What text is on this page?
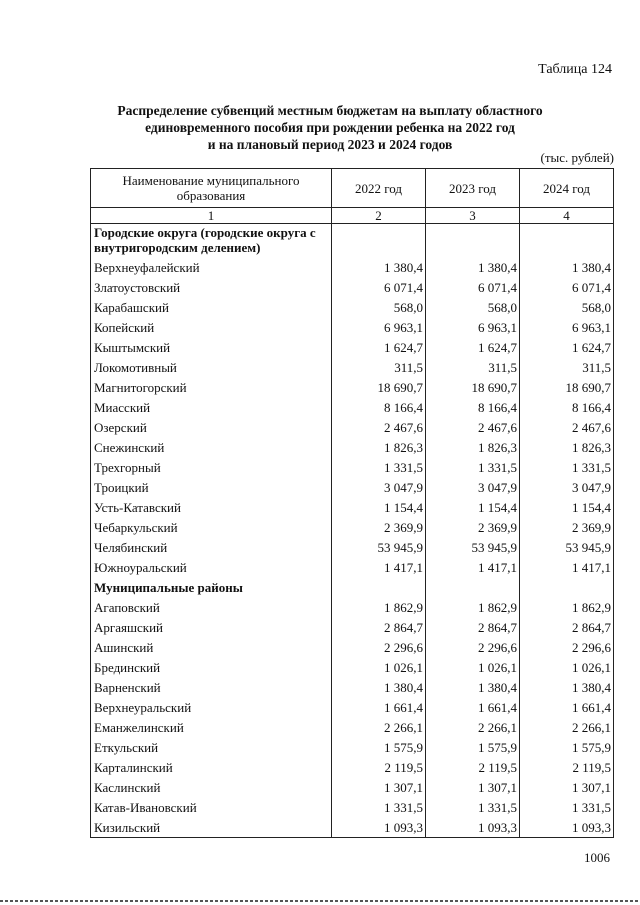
Таблица 124
Распределение субвенций местным бюджетам на выплату областного
единовременного пособия при рождении ребенка на 2022 год
и на плановый период 2023 и 2024 годов
(тыс. рублей)
Наименование муниципального образования	2022 год	2023 год	2024 год
1	2	3	4
Городские округа (городские округа с внутригородским делением)			
Верхнеуфалейский	1 380,4	1 380,4	1 380,4
Златоустовский	6 071,4	6 071,4	6 071,4
Карабашский	568,0	568,0	568,0
Копейский	6 963,1	6 963,1	6 963,1
Кыштымский	1 624,7	1 624,7	1 624,7
Локомотивный	311,5	311,5	311,5
Магнитогорский	18 690,7	18 690,7	18 690,7
Миасский	8 166,4	8 166,4	8 166,4
Озерский	2 467,6	2 467,6	2 467,6
Снежинский	1 826,3	1 826,3	1 826,3
Трехгорный	1 331,5	1 331,5	1 331,5
Троицкий	3 047,9	3 047,9	3 047,9
Усть-Катавский	1 154,4	1 154,4	1 154,4
Чебаркульский	2 369,9	2 369,9	2 369,9
Челябинский	53 945,9	53 945,9	53 945,9
Южноуральский	1 417,1	1 417,1	1 417,1
Муниципальные районы			
Агаповский	1 862,9	1 862,9	1 862,9
Аргаяшский	2 864,7	2 864,7	2 864,7
Ашинский	2 296,6	2 296,6	2 296,6
Брединский	1 026,1	1 026,1	1 026,1
Варненский	1 380,4	1 380,4	1 380,4
Верхнеуральский	1 661,4	1 661,4	1 661,4
Еманжелинский	2 266,1	2 266,1	2 266,1
Еткульский	1 575,9	1 575,9	1 575,9
Карталинский	2 119,5	2 119,5	2 119,5
Каслинский	1 307,1	1 307,1	1 307,1
Катав-Ивановский	1 331,5	1 331,5	1 331,5
Кизильский	1 093,3	1 093,3	1 093,3
1006
